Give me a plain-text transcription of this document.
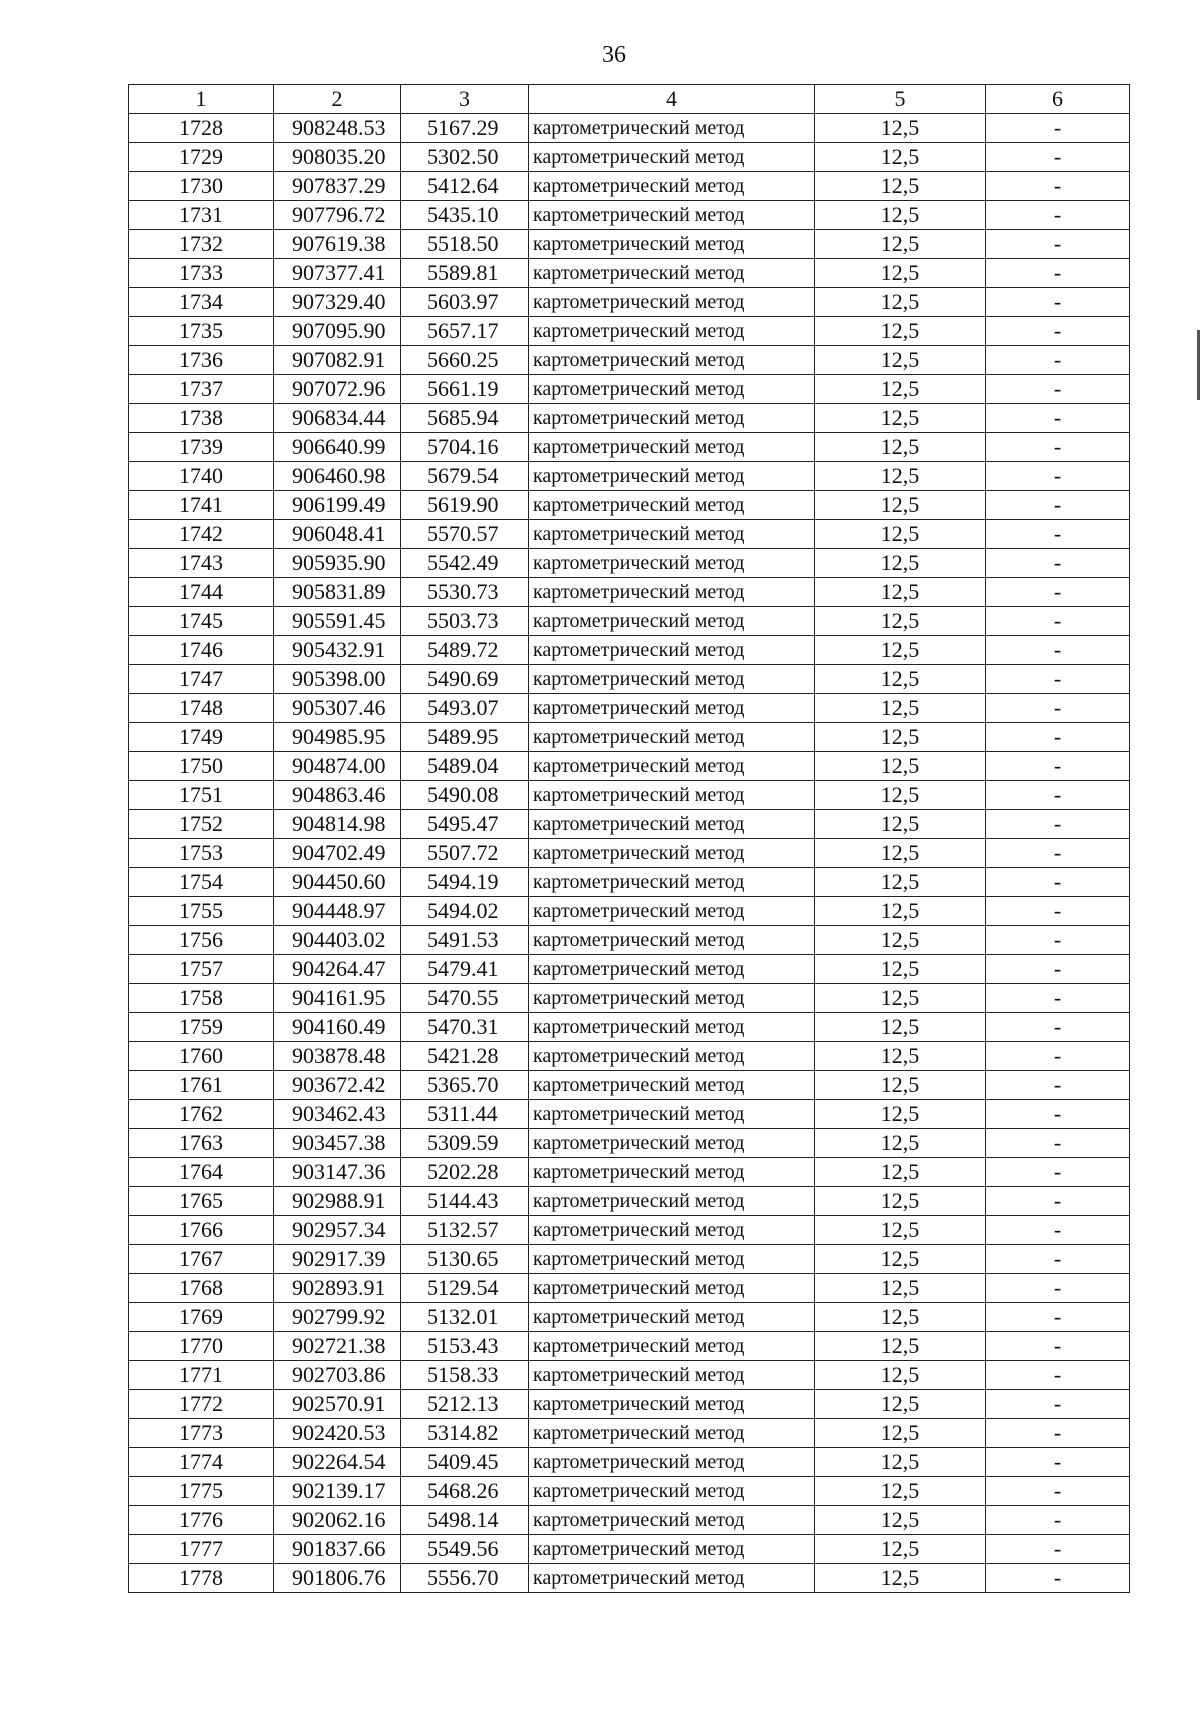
36
1	2	3	4	5	6
1728	908248.53	5167.29	картометрический метод	12,5	-
1729	908035.20	5302.50	картометрический метод	12,5	-
1730	907837.29	5412.64	картометрический метод	12,5	-
1731	907796.72	5435.10	картометрический метод	12,5	-
1732	907619.38	5518.50	картометрический метод	12,5	-
1733	907377.41	5589.81	картометрический метод	12,5	-
1734	907329.40	5603.97	картометрический метод	12,5	-
1735	907095.90	5657.17	картометрический метод	12,5	-
1736	907082.91	5660.25	картометрический метод	12,5	-
1737	907072.96	5661.19	картометрический метод	12,5	-
1738	906834.44	5685.94	картометрический метод	12,5	-
1739	906640.99	5704.16	картометрический метод	12,5	-
1740	906460.98	5679.54	картометрический метод	12,5	-
1741	906199.49	5619.90	картометрический метод	12,5	-
1742	906048.41	5570.57	картометрический метод	12,5	-
1743	905935.90	5542.49	картометрический метод	12,5	-
1744	905831.89	5530.73	картометрический метод	12,5	-
1745	905591.45	5503.73	картометрический метод	12,5	-
1746	905432.91	5489.72	картометрический метод	12,5	-
1747	905398.00	5490.69	картометрический метод	12,5	-
1748	905307.46	5493.07	картометрический метод	12,5	-
1749	904985.95	5489.95	картометрический метод	12,5	-
1750	904874.00	5489.04	картометрический метод	12,5	-
1751	904863.46	5490.08	картометрический метод	12,5	-
1752	904814.98	5495.47	картометрический метод	12,5	-
1753	904702.49	5507.72	картометрический метод	12,5	-
1754	904450.60	5494.19	картометрический метод	12,5	-
1755	904448.97	5494.02	картометрический метод	12,5	-
1756	904403.02	5491.53	картометрический метод	12,5	-
1757	904264.47	5479.41	картометрический метод	12,5	-
1758	904161.95	5470.55	картометрический метод	12,5	-
1759	904160.49	5470.31	картометрический метод	12,5	-
1760	903878.48	5421.28	картометрический метод	12,5	-
1761	903672.42	5365.70	картометрический метод	12,5	-
1762	903462.43	5311.44	картометрический метод	12,5	-
1763	903457.38	5309.59	картометрический метод	12,5	-
1764	903147.36	5202.28	картометрический метод	12,5	-
1765	902988.91	5144.43	картометрический метод	12,5	-
1766	902957.34	5132.57	картометрический метод	12,5	-
1767	902917.39	5130.65	картометрический метод	12,5	-
1768	902893.91	5129.54	картометрический метод	12,5	-
1769	902799.92	5132.01	картометрический метод	12,5	-
1770	902721.38	5153.43	картометрический метод	12,5	-
1771	902703.86	5158.33	картометрический метод	12,5	-
1772	902570.91	5212.13	картометрический метод	12,5	-
1773	902420.53	5314.82	картометрический метод	12,5	-
1774	902264.54	5409.45	картометрический метод	12,5	-
1775	902139.17	5468.26	картометрический метод	12,5	-
1776	902062.16	5498.14	картометрический метод	12,5	-
1777	901837.66	5549.56	картометрический метод	12,5	-
1778	901806.76	5556.70	картометрический метод	12,5	-
